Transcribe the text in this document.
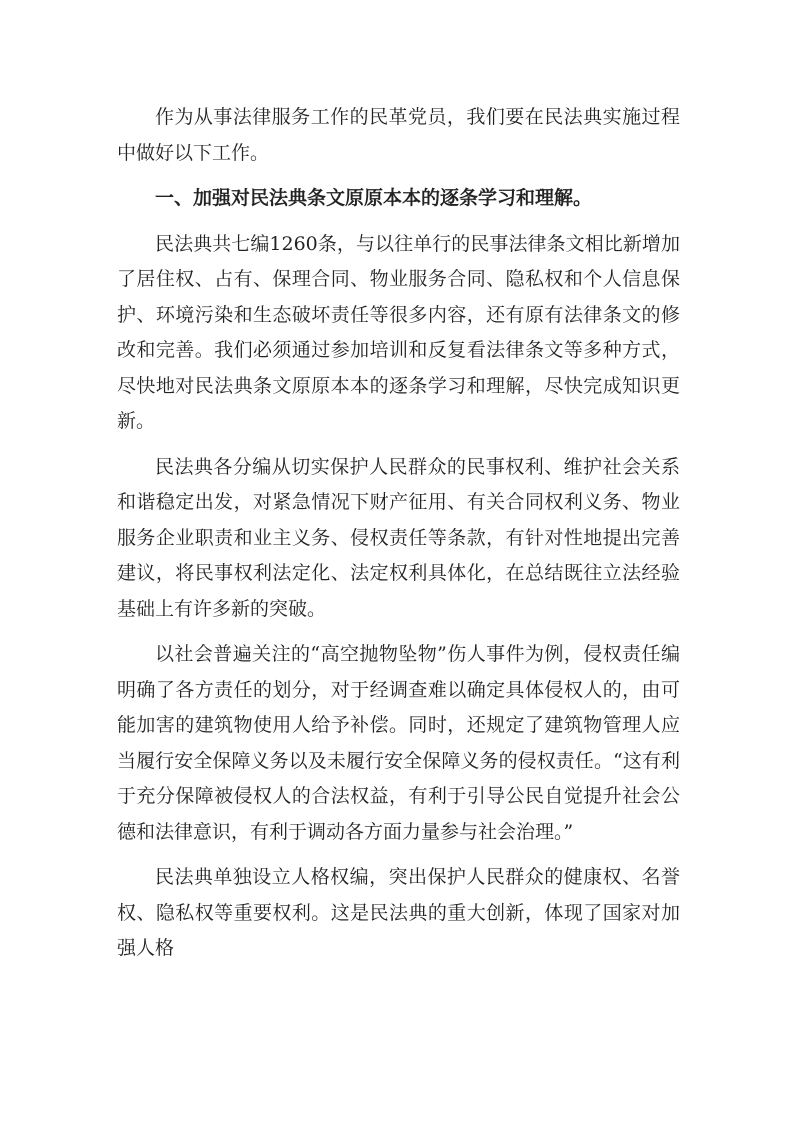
作为从事法律服务工作的民革党员，我们要在民法典实施过程中做好以下工作。

一、加强对民法典条文原原本本的逐条学习和理解。

民法典共七编1260条，与以往单行的民事法律条文相比新增加了居住权、占有、保理合同、物业服务合同、隐私权和个人信息保护、环境污染和生态破坏责任等很多内容，还有原有法律条文的修改和完善。我们必须通过参加培训和反复看法律条文等多种方式，尽快地对民法典条文原原本本的逐条学习和理解，尽快完成知识更新。

民法典各分编从切实保护人民群众的民事权利、维护社会关系和谐稳定出发，对紧急情况下财产征用、有关合同权利义务、物业服务企业职责和业主义务、侵权责任等条款，有针对性地提出完善建议，将民事权利法定化、法定权利具体化，在总结既往立法经验基础上有许多新的突破。

以社会普遍关注的“高空抛物坠物”伤人事件为例，侵权责任编明确了各方责任的划分，对于经调查难以确定具体侵权人的，由可能加害的建筑物使用人给予补偿。同时，还规定了建筑物管理人应当履行安全保障义务以及未履行安全保障义务的侵权责任。“这有利于充分保障被侵权人的合法权益，有利于引导公民自觉提升社会公德和法律意识，有利于调动各方面力量参与社会治理。”

民法典单独设立人格权编，突出保护人民群众的健康权、名誉权、隐私权等重要权利。这是民法典的重大创新，体现了国家对加强人格
